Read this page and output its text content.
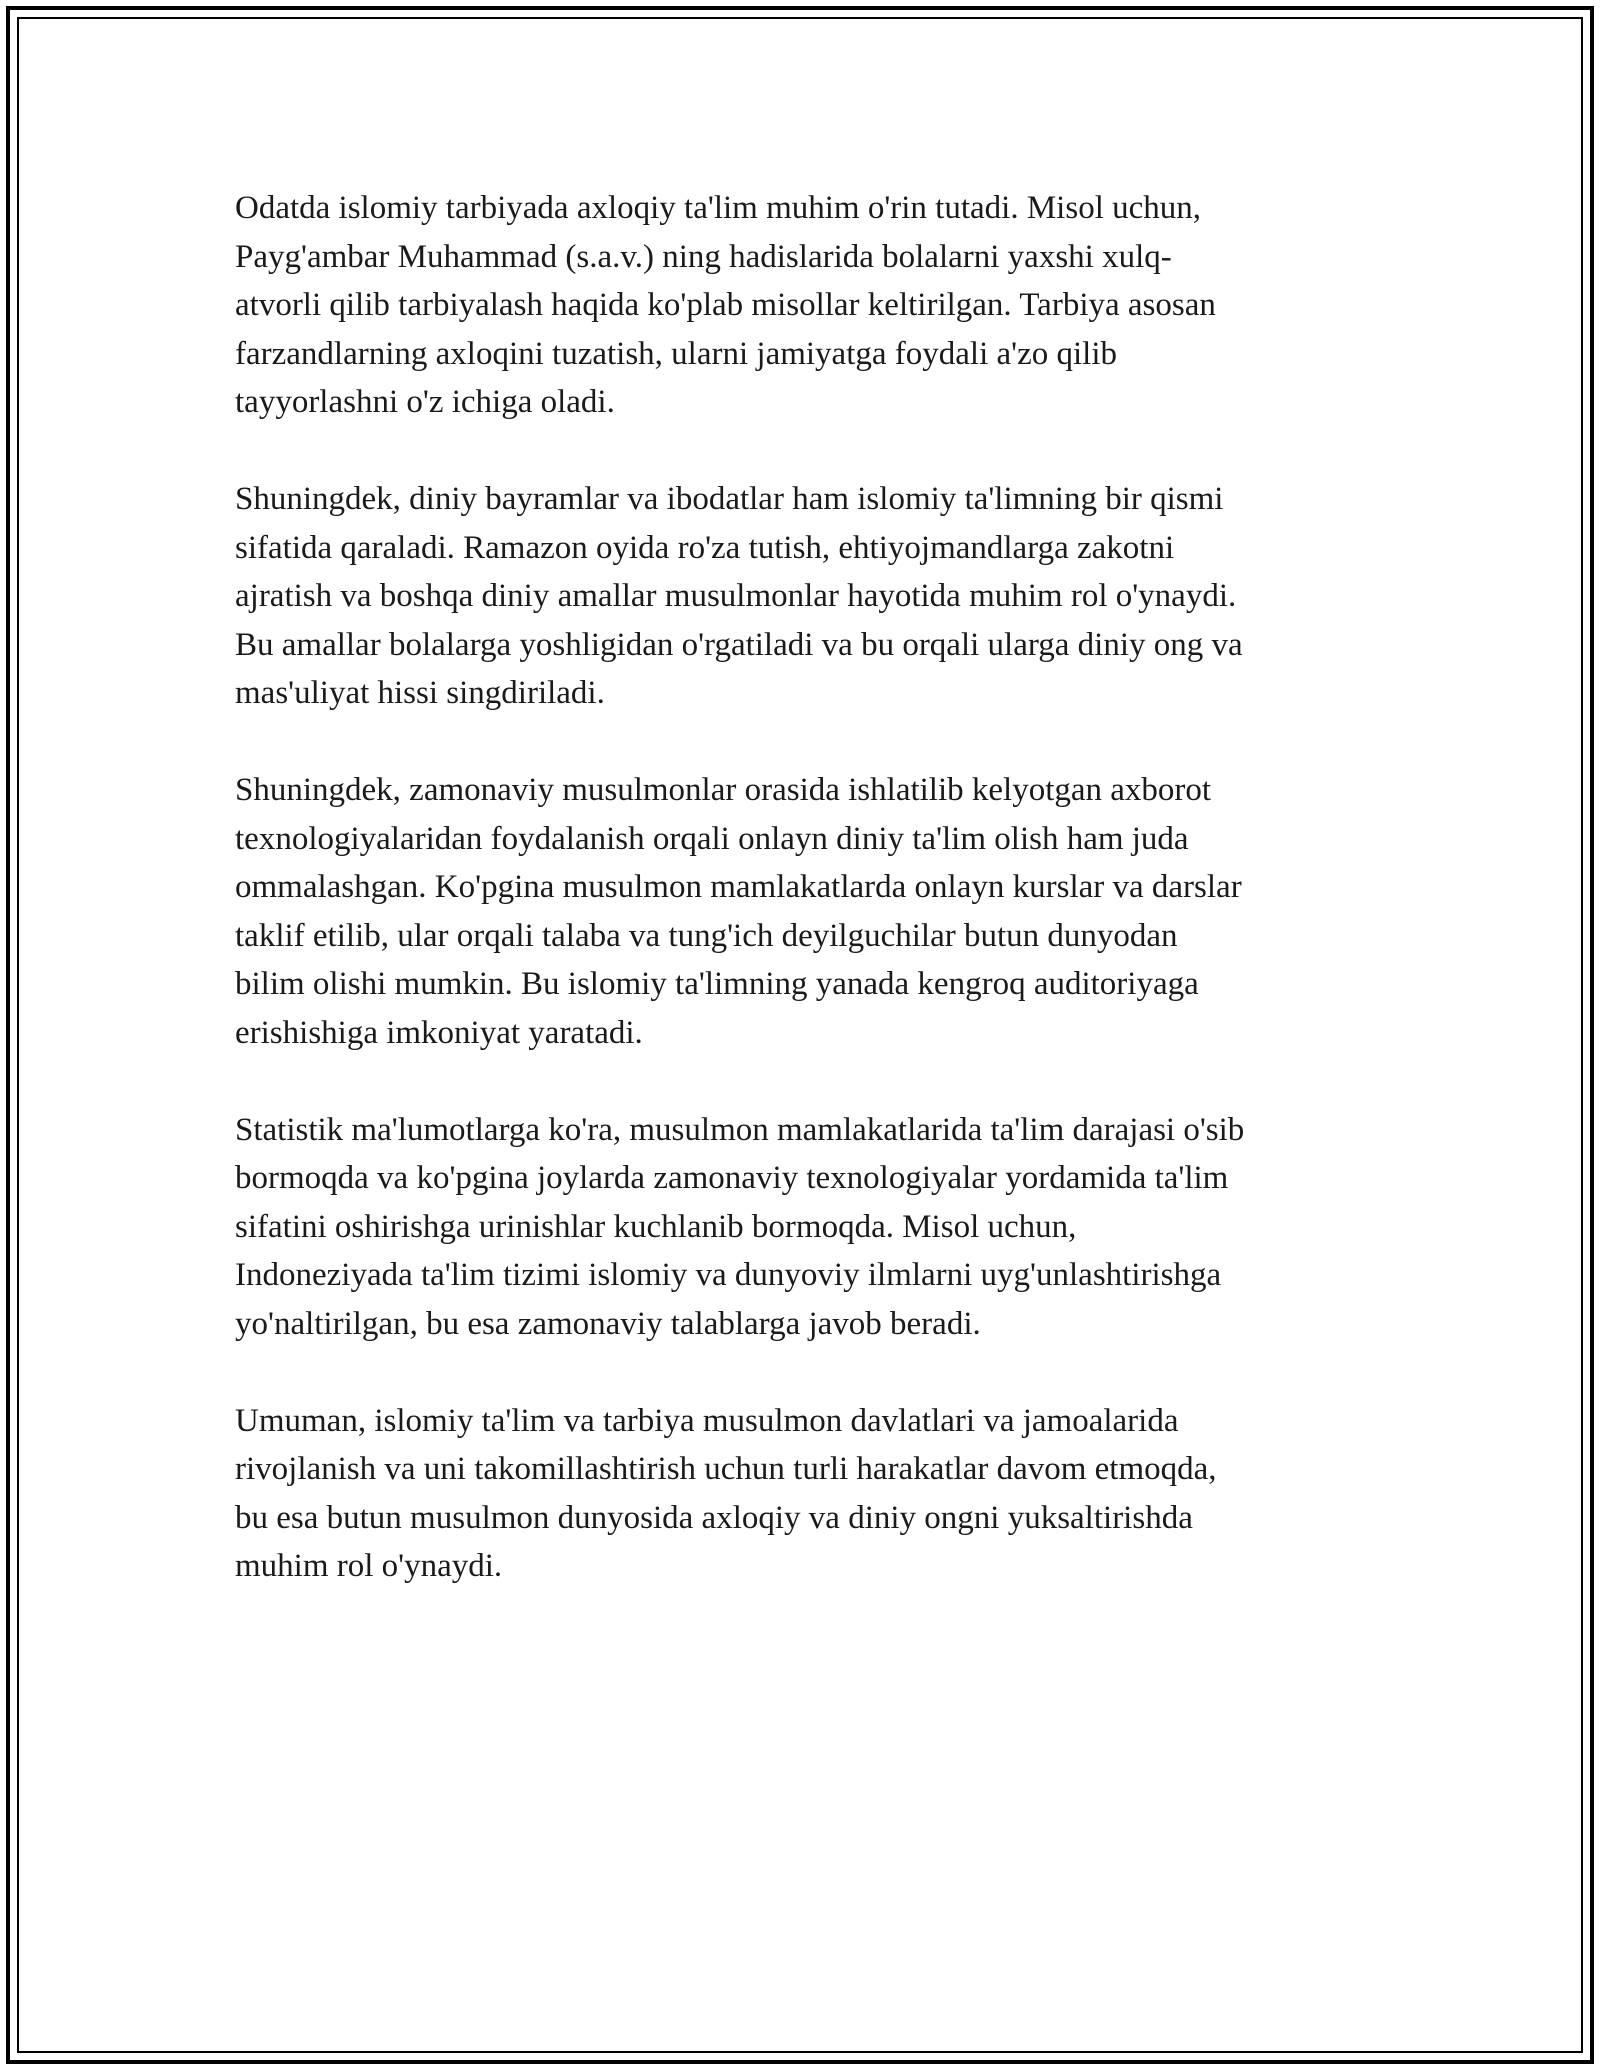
Odatda islomiy tarbiyada axloqiy ta'lim muhim o'rin tutadi. Misol uchun,
Payg'ambar Muhammad (s.a.v.) ning hadislarida bolalarni yaxshi xulq-
atvorli qilib tarbiyalash haqida ko'plab misollar keltirilgan. Tarbiya asosan
farzandlarning axloqini tuzatish, ularni jamiyatga foydali a'zo qilib
tayyorlashni o'z ichiga oladi.

Shuningdek, diniy bayramlar va ibodatlar ham islomiy ta'limning bir qismi
sifatida qaraladi. Ramazon oyida ro'za tutish, ehtiyojmandlarga zakotni
ajratish va boshqa diniy amallar musulmonlar hayotida muhim rol o'ynaydi.
Bu amallar bolalarga yoshligidan o'rgatiladi va bu orqali ularga diniy ong va
mas'uliyat hissi singdiriladi.

Shuningdek, zamonaviy musulmonlar orasida ishlatilib kelyotgan axborot
texnologiyalaridan foydalanish orqali onlayn diniy ta'lim olish ham juda
ommalashgan. Ko'pgina musulmon mamlakatlarda onlayn kurslar va darslar
taklif etilib, ular orqali talaba va tung'ich deyilguchilar butun dunyodan
bilim olishi mumkin. Bu islomiy ta'limning yanada kengroq auditoriyaga
erishishiga imkoniyat yaratadi.

Statistik ma'lumotlarga ko'ra, musulmon mamlakatlarida ta'lim darajasi o'sib
bormoqda va ko'pgina joylarda zamonaviy texnologiyalar yordamida ta'lim
sifatini oshirishga urinishlar kuchlanib bormoqda. Misol uchun,
Indoneziyada ta'lim tizimi islomiy va dunyoviy ilmlarni uyg'unlashtirishga
yo'naltirilgan, bu esa zamonaviy talablarga javob beradi.

Umuman, islomiy ta'lim va tarbiya musulmon davlatlari va jamoalarida
rivojlanish va uni takomillashtirish uchun turli harakatlar davom etmoqda,
bu esa butun musulmon dunyosida axloqiy va diniy ongni yuksaltirishda
muhim rol o'ynaydi.
